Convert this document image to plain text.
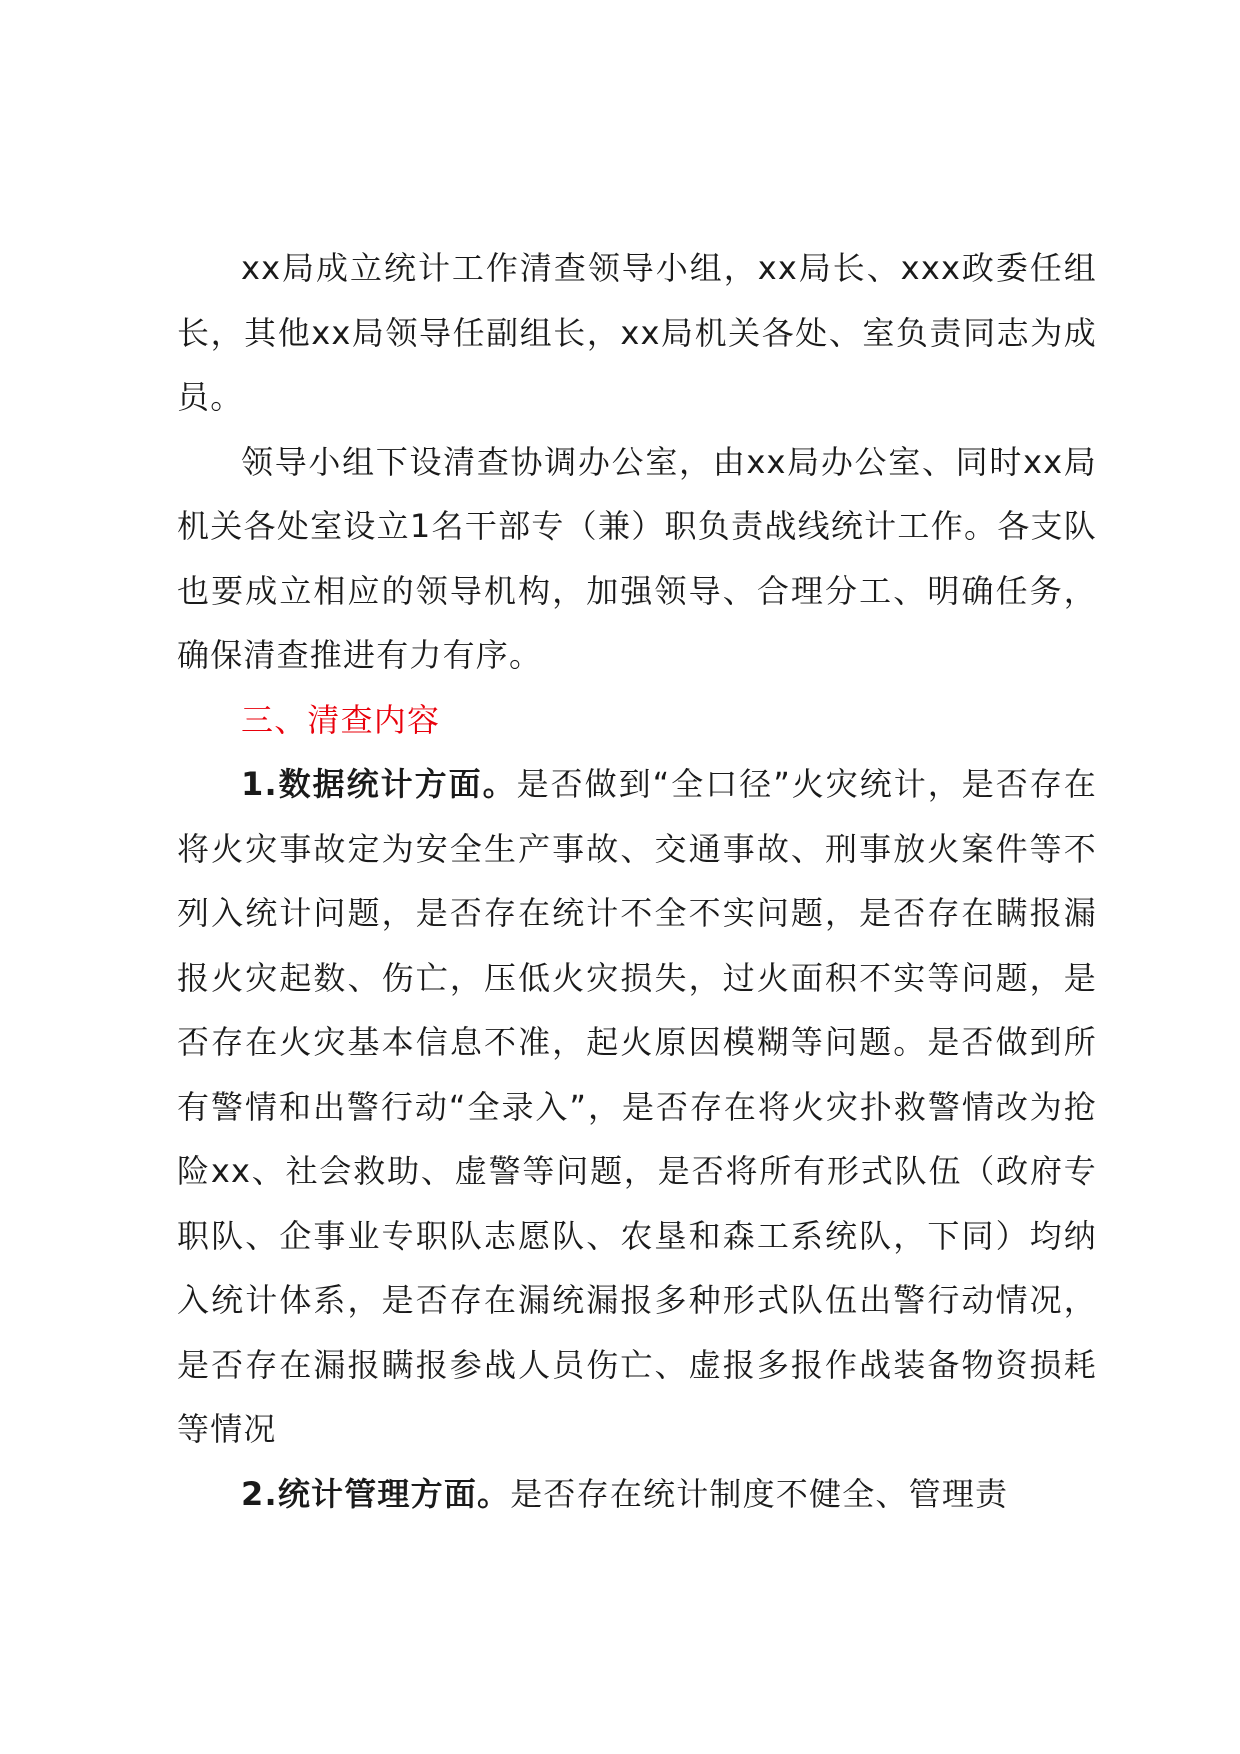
xx局成立统计工作清查领导小组，xx局长、xxx政委任组长，其他xx局领导任副组长，xx局机关各处、室负责同志为成员。

领导小组下设清查协调办公室，由xx局办公室、同时xx局机关各处室设立1名干部专（兼）职负责战线统计工作。各支队也要成立相应的领导机构，加强领导、合理分工、明确任务，确保清查推进有力有序。

三、清查内容

1.数据统计方面。是否做到“全口径”火灾统计，是否存在将火灾事故定为安全生产事故、交通事故、刑事放火案件等不列入统计问题，是否存在统计不全不实问题，是否存在瞒报漏报火灾起数、伤亡，压低火灾损失，过火面积不实等问题，是否存在火灾基本信息不准，起火原因模糊等问题。是否做到所有警情和出警行动“全录入”，是否存在将火灾扑救警情改为抢险xx、社会救助、虚警等问题，是否将所有形式队伍（政府专职队、企事业专职队志愿队、农垦和森工系统队，下同）均纳入统计体系，是否存在漏统漏报多种形式队伍出警行动情况，是否存在漏报瞒报参战人员伤亡、虚报多报作战装备物资损耗等情况

2.统计管理方面。是否存在统计制度不健全、管理责
